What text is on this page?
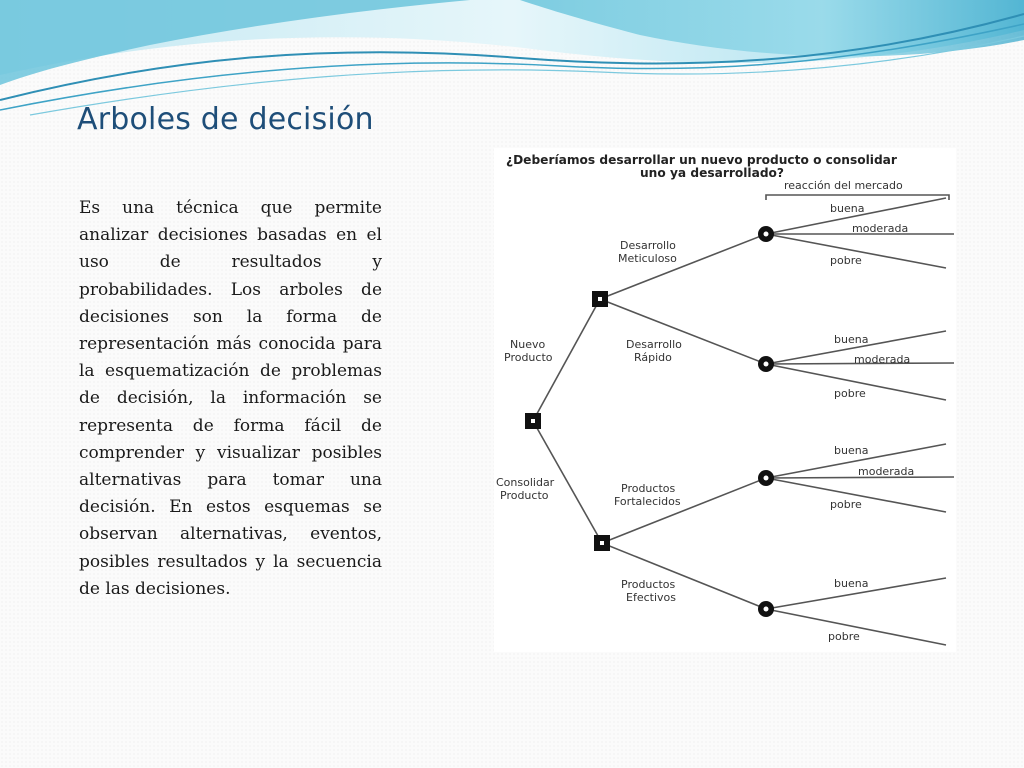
Arboles de decisión

Es una técnica que permite analizar decisiones basadas en el uso de resultados y probabilidades. Los arboles de decisiones son la forma de representación más conocida para la esquematización de problemas de decisión, la información se representa de forma fácil de comprender y visualizar posibles alternativas para tomar una decisión. En estos esquemas se observan alternativas, eventos, posibles resultados y la secuencia de las decisiones.

¿Deberíamos desarrollar un nuevo producto o consolidar
uno ya desarrollado?
reacción del mercado
Nuevo
Producto
Consolidar
Producto
Desarrollo
Meticuloso
Desarrollo
Rápido
Productos
Fortalecidos
Productos
Efectivos
buena
moderada
pobre
buena
moderada
pobre
buena
moderada
pobre
buena
pobre
